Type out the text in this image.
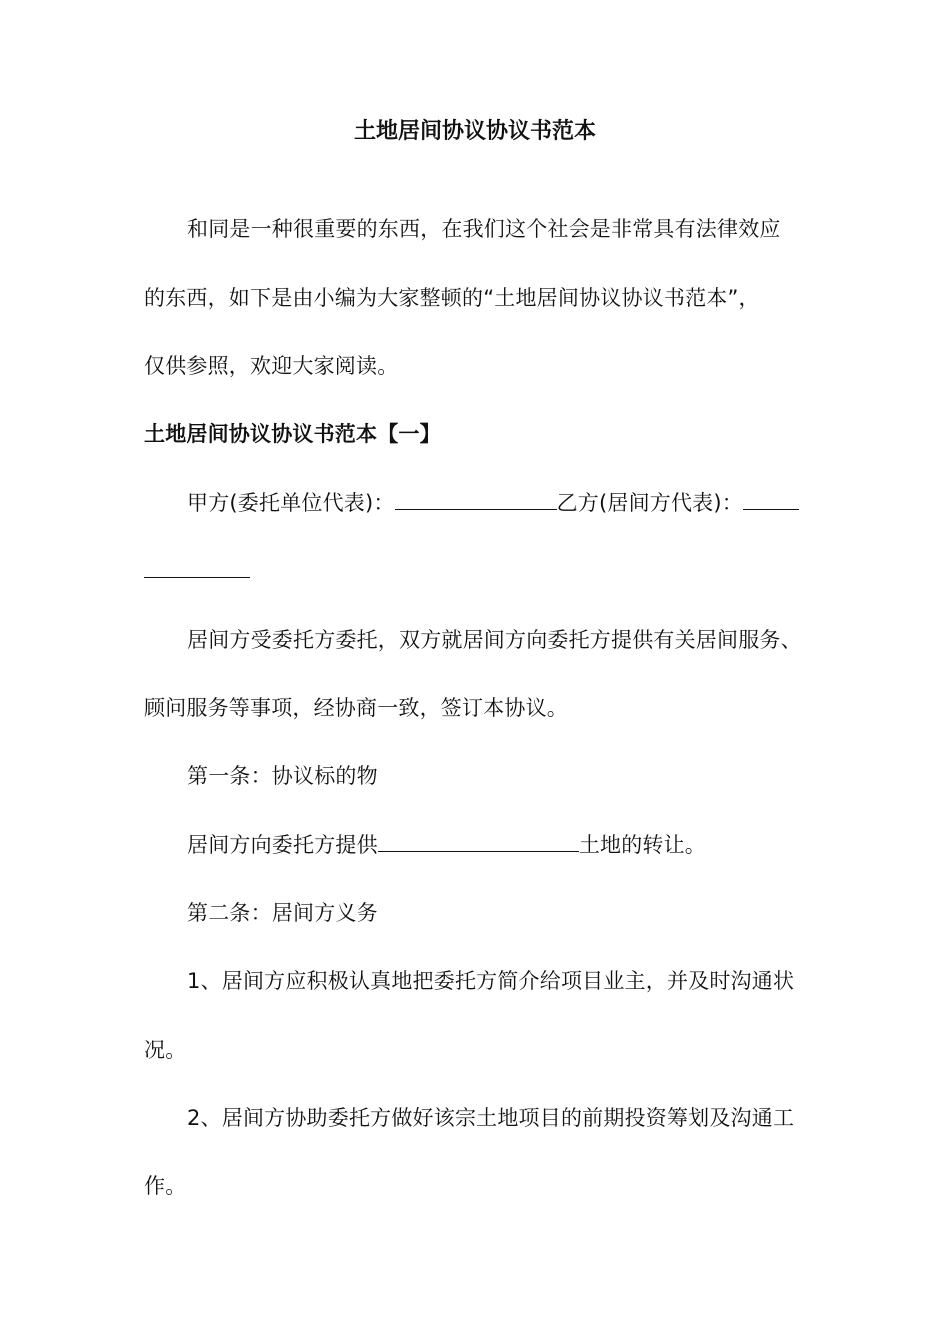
土地居间协议协议书范本
和同是一种很重要的东西，在我们这个社会是非常具有法律效应
的东西，如下是由小编为大家整顿的“土地居间协议协议书范本”，
仅供参照，欢迎大家阅读。
土地居间协议协议书范本【一】
甲方(委托单位代表)：	乙方(居间方代表)：
居间方受委托方委托，双方就居间方向委托方提供有关居间服务、
顾问服务等事项，经协商一致，签订本协议。
第一条：协议标的物
居间方向委托方提供	土地的转让。
第二条：居间方义务
1、居间方应积极认真地把委托方简介给项目业主，并及时沟通状
况。
2、居间方协助委托方做好该宗土地项目的前期投资筹划及沟通工
作。
